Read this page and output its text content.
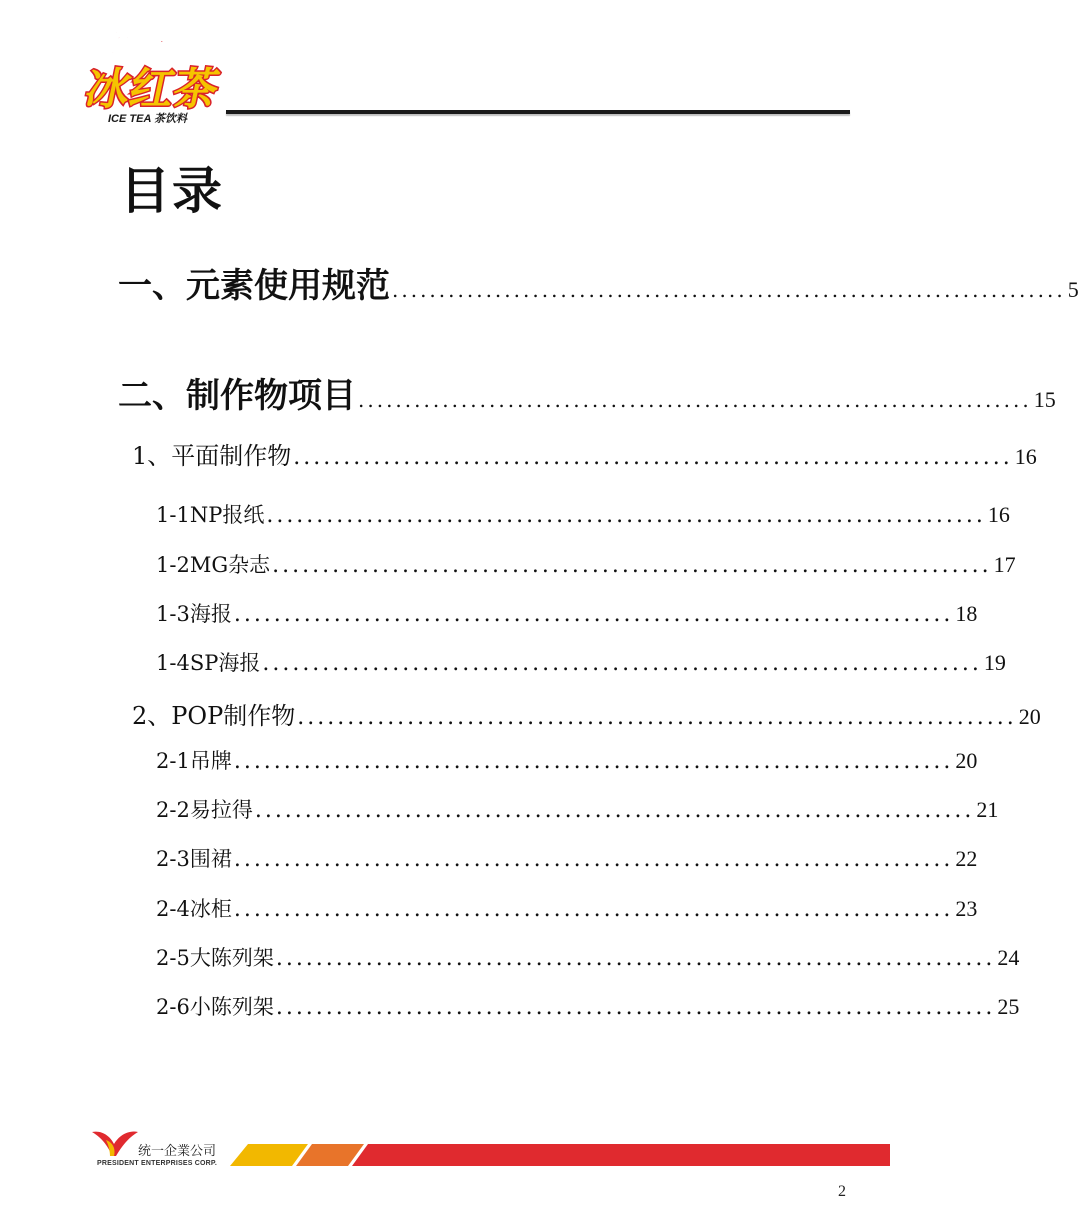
统一
冰红茶
ICE TEA 茶饮料
目录
一、元素使用规范 ........................................................................ 5
二、制作物项目 ........................................................................ 15
1、平面制作物 ........................................................................ 16
1-1NP报纸 ........................................................................ 16
1-2MG杂志 ........................................................................ 17
1-3海报 ........................................................................ 18
1-4SP海报 ........................................................................ 19
2、POP制作物 ........................................................................ 20
2-1吊牌 ........................................................................ 20
2-2易拉得 ........................................................................ 21
2-3围裙 ........................................................................ 22
2-4冰柜 ........................................................................ 23
2-5大陈列架 ........................................................................ 24
2-6小陈列架 ........................................................................ 25
统一企業公司
PRESIDENT ENTERPRISES CORP.
2
